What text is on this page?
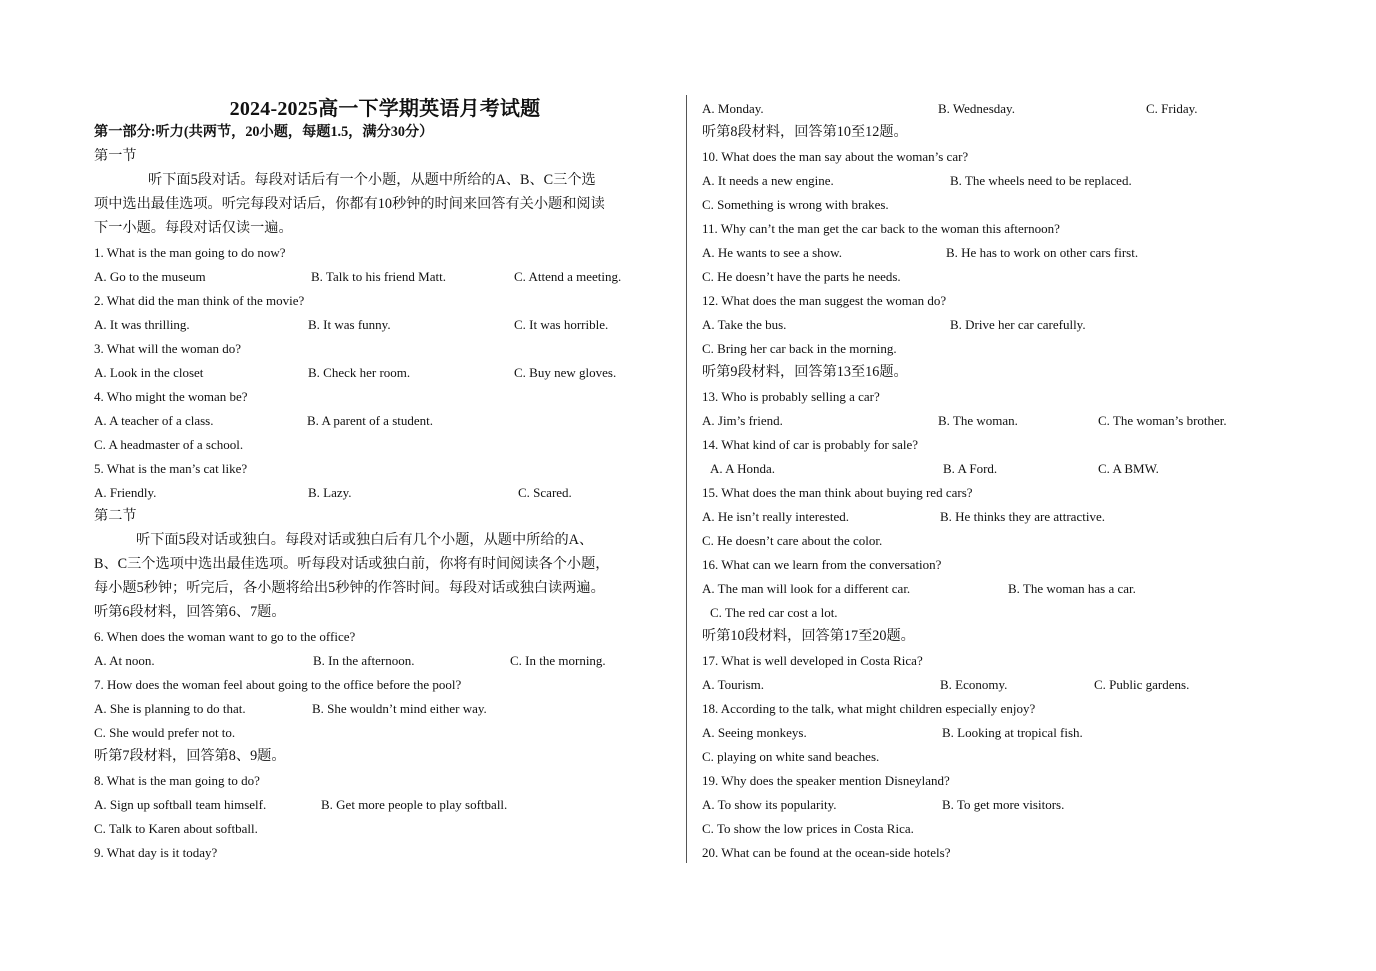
2024-2025高一下学期英语月考试题
第一部分:听力(共两节，20小题，每题1.5，满分30分）
第一节
听下面5段对话。每段对话后有一个小题，从题中所给的A、B、C三个选
项中选出最佳选项。听完每段对话后，你都有10秒钟的时间来回答有关小题和阅读
下一小题。每段对话仅读一遍。
1. What is the man going to do now?
A. Go to the museum	B. Talk to his friend Matt.	C. Attend a meeting.
2. What did the man think of the movie?
A. It was thrilling.	B. It was funny.	C. It was horrible.
3. What will the woman do?
A. Look in the closet	B. Check her room.	C. Buy new gloves.
4. Who might the woman be?
A. A teacher of a class.	B. A parent of a student.
C. A headmaster of a school.
5. What is the man’s cat like?
A. Friendly.	B. Lazy.	C. Scared.
第二节
听下面5段对话或独白。每段对话或独白后有几个小题，从题中所给的A、
B、C三个选项中选出最佳选项。听每段对话或独白前，你将有时间阅读各个小题，
每小题5秒钟；听完后，各小题将给出5秒钟的作答时间。每段对话或独白读两遍。
听第6段材料，回答第6、7题。
6. When does the woman want to go to the office?
A. At noon.	B. In the afternoon.	C. In the morning.
7. How does the woman feel about going to the office before the pool?
A. She is planning to do that.	B. She wouldn’t mind either way.
C. She would prefer not to.
听第7段材料，回答第8、9题。
8. What is the man going to do?
A. Sign up softball team himself.	B. Get more people to play softball.
C. Talk to Karen about softball.
9. What day is it today?
A. Monday.	B. Wednesday.	C. Friday.
听第8段材料，回答第10至12题。
10. What does the man say about the woman’s car?
A. It needs a new engine.	B. The wheels need to be replaced.
C. Something is wrong with brakes.
11. Why can’t the man get the car back to the woman this afternoon?
A. He wants to see a show.	B. He has to work on other cars first.
C. He doesn’t have the parts he needs.
12. What does the man suggest the woman do?
A. Take the bus.	B. Drive her car carefully.
C. Bring her car back in the morning.
听第9段材料，回答第13至16题。
13. Who is probably selling a car?
A. Jim’s friend.	B. The woman.	C. The woman’s brother.
14. What kind of car is probably for sale?
A. A Honda.	B. A Ford.	C. A BMW.
15. What does the man think about buying red cars?
A. He isn’t really interested.	B. He thinks they are attractive.
C. He doesn’t care about the color.
16. What can we learn from the conversation?
A. The man will look for a different car.	B. The woman has a car.
C. The red car cost a lot.
听第10段材料，回答第17至20题。
17. What is well developed in Costa Rica?
A. Tourism.	B. Economy.	C. Public gardens.
18. According to the talk, what might children especially enjoy?
A. Seeing monkeys.	B. Looking at tropical fish.
C. playing on white sand beaches.
19. Why does the speaker mention Disneyland?
A. To show its popularity.	B. To get more visitors.
C. To show the low prices in Costa Rica.
20. What can be found at the ocean-side hotels?
